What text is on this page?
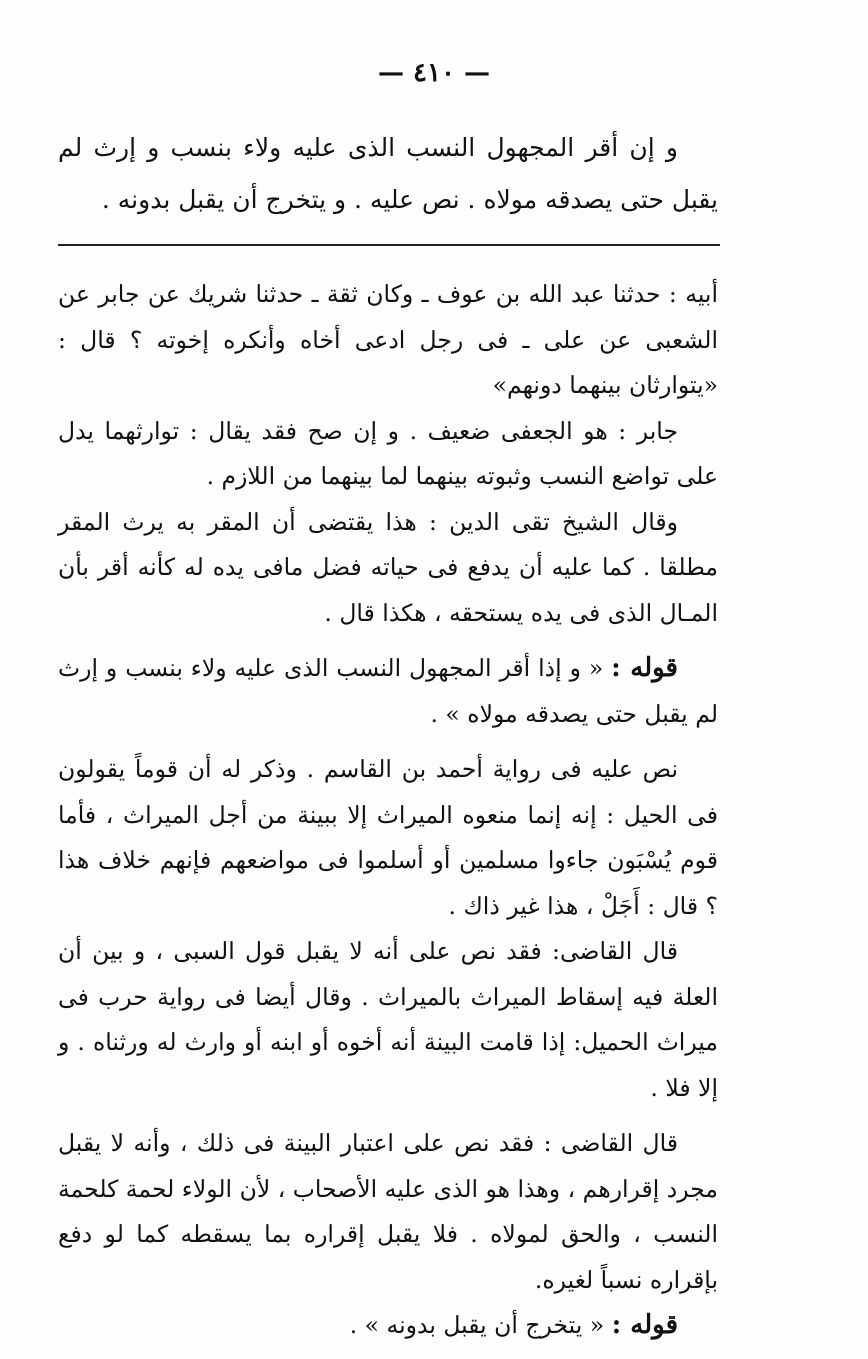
— ٤١٠ —

و إن أقر المجهول النسب الذى عليه ولاء بنسب و إرث لم يقبل حتى يصدقه مولاه . نص عليه . و يتخرج أن يقبل بدونه .

أبيه : حدثنا عبد الله بن عوف ـ وكان ثقة ـ حدثنا شريك عن جابر عن الشعبى عن على ـ فى رجل ادعى أخاه وأنكره إخوته ؟ قال : «يتوارثان بينهما دونهم»

جابر : هو الجعفى ضعيف . و إن صح فقد يقال : توارثهما يدل على تواضع النسب وثبوته بينهما لما بينهما من اللازم .

وقال الشيخ تقى الدين : هذا يقتضى أن المقر به يرث المقر مطلقا . كما عليه أن يدفع فى حياته فضل مافى يده له كأنه أقر بأن المـال الذى فى يده يستحقه ، هكذا قال .

قوله : « و إذا أقر المجهول النسب الذى عليه ولاء بنسب و إرث لم يقبل حتى يصدقه مولاه » .

نص عليه فى رواية أحمد بن القاسم . وذكر له أن قوماً يقولون فى الحيل : إنه إنما منعوه الميراث إلا ببينة من أجل الميراث ، فأما قوم يُسْبَون جاءوا مسلمين أو أسلموا فى مواضعهم فإنهم خلاف هذا ؟ قال : أَجَلْ ، هذا غير ذاك .

قال القاضى: فقد نص على أنه لا يقبل قول السبى ، و بين أن العلة فيه إسقاط الميراث بالميراث . وقال أيضا فى رواية حرب فى ميراث الحميل: إذا قامت البينة أنه أخوه أو ابنه أو وارث له ورثناه . و إلا فلا .

قال القاضى : فقد نص على اعتبار البينة فى ذلك ، وأنه لا يقبل مجرد إقرارهم ، وهذا هو الذى عليه الأصحاب ، لأن الولاء لحمة كلحمة النسب ، والحق لمولاه . فلا يقبل إقراره بما يسقطه كما لو دفع بإقراره نسباً لغيره.

قوله : « يتخرج أن يقبل بدونه » .
